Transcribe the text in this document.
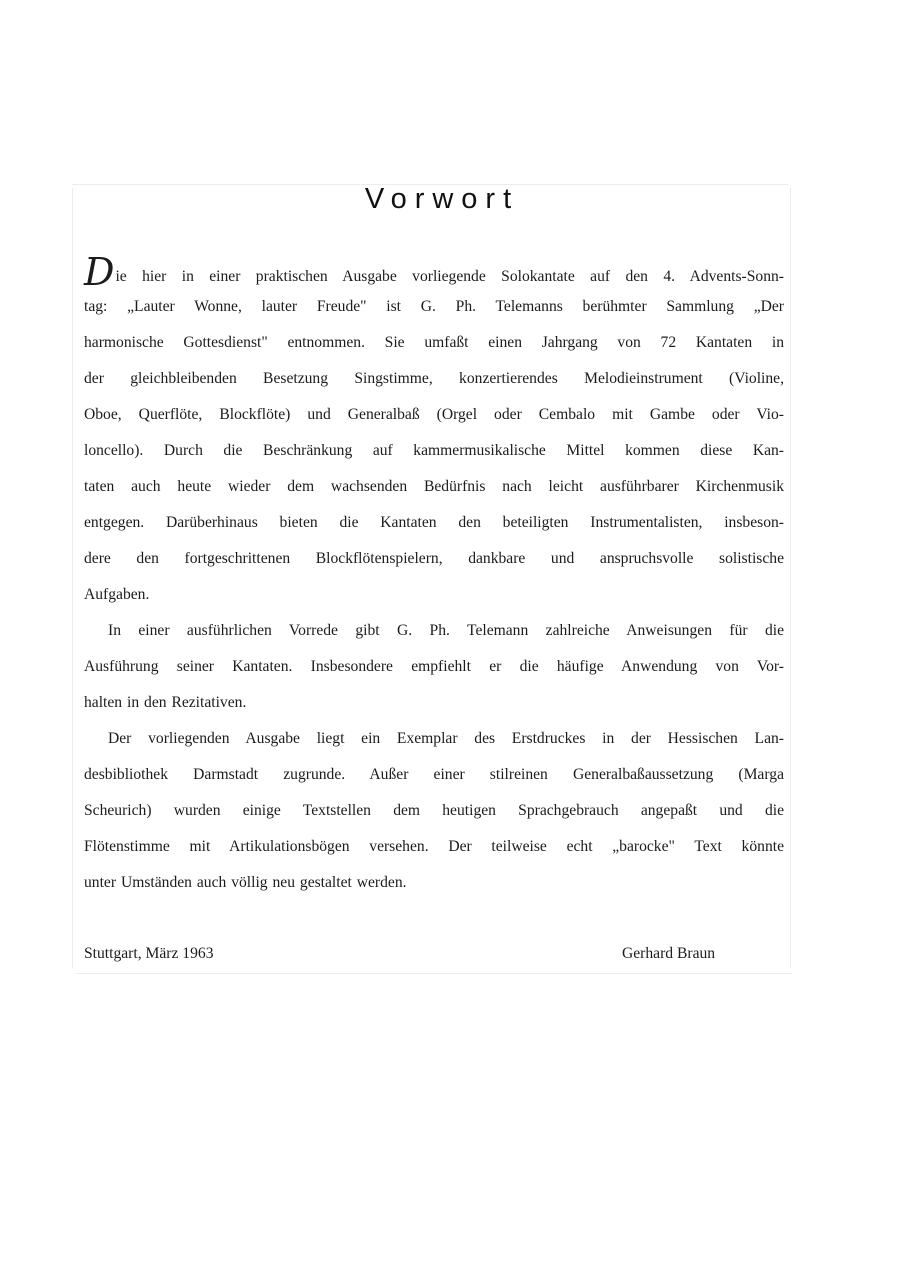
Vorwort
Die hier in einer praktischen Ausgabe vorliegende Solokantate auf den 4. Advents-Sonn-
tag: „Lauter Wonne, lauter Freude" ist G. Ph. Telemanns berühmter Sammlung „Der
harmonische Gottesdienst" entnommen. Sie umfaßt einen Jahrgang von 72 Kantaten in
der gleichbleibenden Besetzung Singstimme, konzertierendes Melodieinstrument (Violine,
Oboe, Querflöte, Blockflöte) und Generalbaß (Orgel oder Cembalo mit Gambe oder Vio-
loncello). Durch die Beschränkung auf kammermusikalische Mittel kommen diese Kan-
taten auch heute wieder dem wachsenden Bedürfnis nach leicht ausführbarer Kirchenmusik
entgegen. Darüberhinaus bieten die Kantaten den beteiligten Instrumentalisten, insbeson-
dere den fortgeschrittenen Blockflötenspielern, dankbare und anspruchsvolle solistische
Aufgaben.
In einer ausführlichen Vorrede gibt G. Ph. Telemann zahlreiche Anweisungen für die
Ausführung seiner Kantaten. Insbesondere empfiehlt er die häufige Anwendung von Vor-
halten in den Rezitativen.
Der vorliegenden Ausgabe liegt ein Exemplar des Erstdruckes in der Hessischen Lan-
desbibliothek Darmstadt zugrunde. Außer einer stilreinen Generalbaßaussetzung (Marga
Scheurich) wurden einige Textstellen dem heutigen Sprachgebrauch angepaßt und die
Flötenstimme mit Artikulationsbögen versehen. Der teilweise echt „barocke" Text könnte
unter Umständen auch völlig neu gestaltet werden.
Stuttgart, März 1963	Gerhard Braun
